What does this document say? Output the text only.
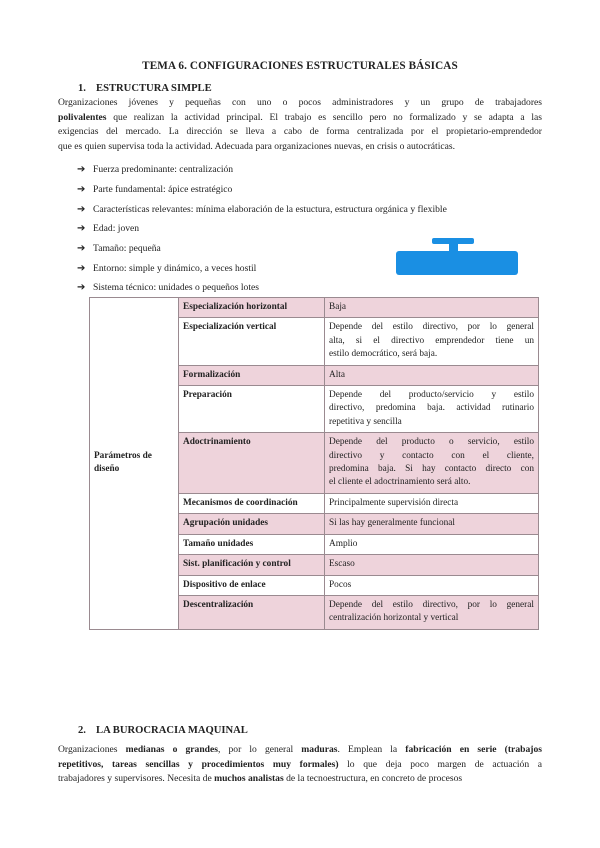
TEMA 6. CONFIGURACIONES ESTRUCTURALES BÁSICAS
1. ESTRUCTURA SIMPLE
Organizaciones jóvenes y pequeñas con uno o pocos administradores y un grupo de trabajadores
polivalentes que realizan la actividad principal. El trabajo es sencillo pero no formalizado y se adapta a las
exigencias del mercado. La dirección se lleva a cabo de forma centralizada por el propietario-emprendedor
que es quien supervisa toda la actividad. Adecuada para organizaciones nuevas, en crisis o autocráticas.
➔ Fuerza predominante: centralización
➔ Parte fundamental: ápice estratégico
➔ Características relevantes: mínima elaboración de la estuctura, estructura orgánica y flexible
➔ Edad: joven
➔ Tamaño: pequeña
➔ Entorno: simple y dinámico, a veces hostil
➔ Sistema técnico: unidades o pequeños lotes
Parámetros de diseño	Especialización horizontal	Baja

	Especialización vertical	Depende del estilo directivo, por lo general
alta, si el directivo emprendedor tiene un
estilo democrático, será baja.

	Formalización	Alta

	Preparación	Depende del producto/servicio y estilo
directivo, predomina baja. actividad rutinario
repetitiva y sencilla

	Adoctrinamiento	Depende del producto o servicio, estilo
directivo y contacto con el cliente,
predomina baja. Si hay contacto directo con
el cliente el adoctrinamiento será alto.

	Mecanismos de coordinación	Principalmente supervisión directa

	Agrupación unidades	Si las hay generalmente funcional

	Tamaño unidades	Amplio

	Sist. planificación y control	Escaso

	Dispositivo de enlace	Pocos

	Descentralización	Depende del estilo directivo, por lo general
centralización horizontal y vertical
2. LA BUROCRACIA MAQUINAL
Organizaciones medianas o grandes, por lo general maduras. Emplean la fabricación en serie (trabajos
repetitivos, tareas sencillas y procedimientos muy formales) lo que deja poco margen de actuación a
trabajadores y supervisores. Necesita de muchos analistas de la tecnoestructura, en concreto de procesos
